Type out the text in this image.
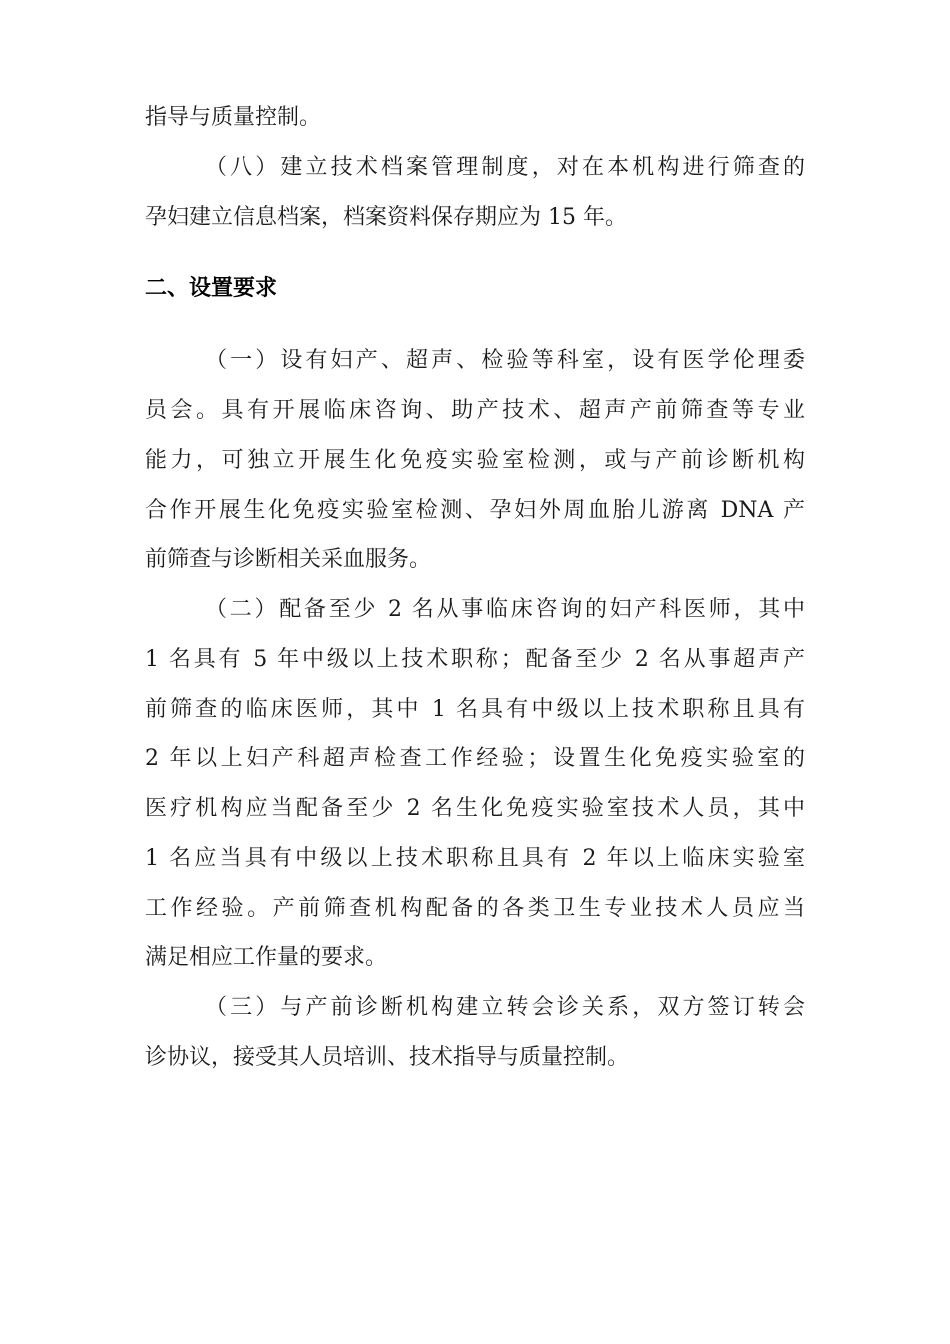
指导与质量控制。
（八）建立技术档案管理制度，对在本机构进行筛查的
孕妇建立信息档案，档案资料保存期应为 15 年。
二、设置要求
（一）设有妇产、超声、检验等科室，设有医学伦理委
员会。具有开展临床咨询、助产技术、超声产前筛查等专业
能力，可独立开展生化免疫实验室检测，或与产前诊断机构
合作开展生化免疫实验室检测、孕妇外周血胎儿游离 DNA 产
前筛查与诊断相关采血服务。
（二）配备至少 2 名从事临床咨询的妇产科医师，其中
1 名具有 5 年中级以上技术职称；配备至少 2 名从事超声产
前筛查的临床医师，其中 1 名具有中级以上技术职称且具有
2 年以上妇产科超声检查工作经验；设置生化免疫实验室的
医疗机构应当配备至少 2 名生化免疫实验室技术人员，其中
1 名应当具有中级以上技术职称且具有 2 年以上临床实验室
工作经验。产前筛查机构配备的各类卫生专业技术人员应当
满足相应工作量的要求。
（三）与产前诊断机构建立转会诊关系，双方签订转会
诊协议，接受其人员培训、技术指导与质量控制。
